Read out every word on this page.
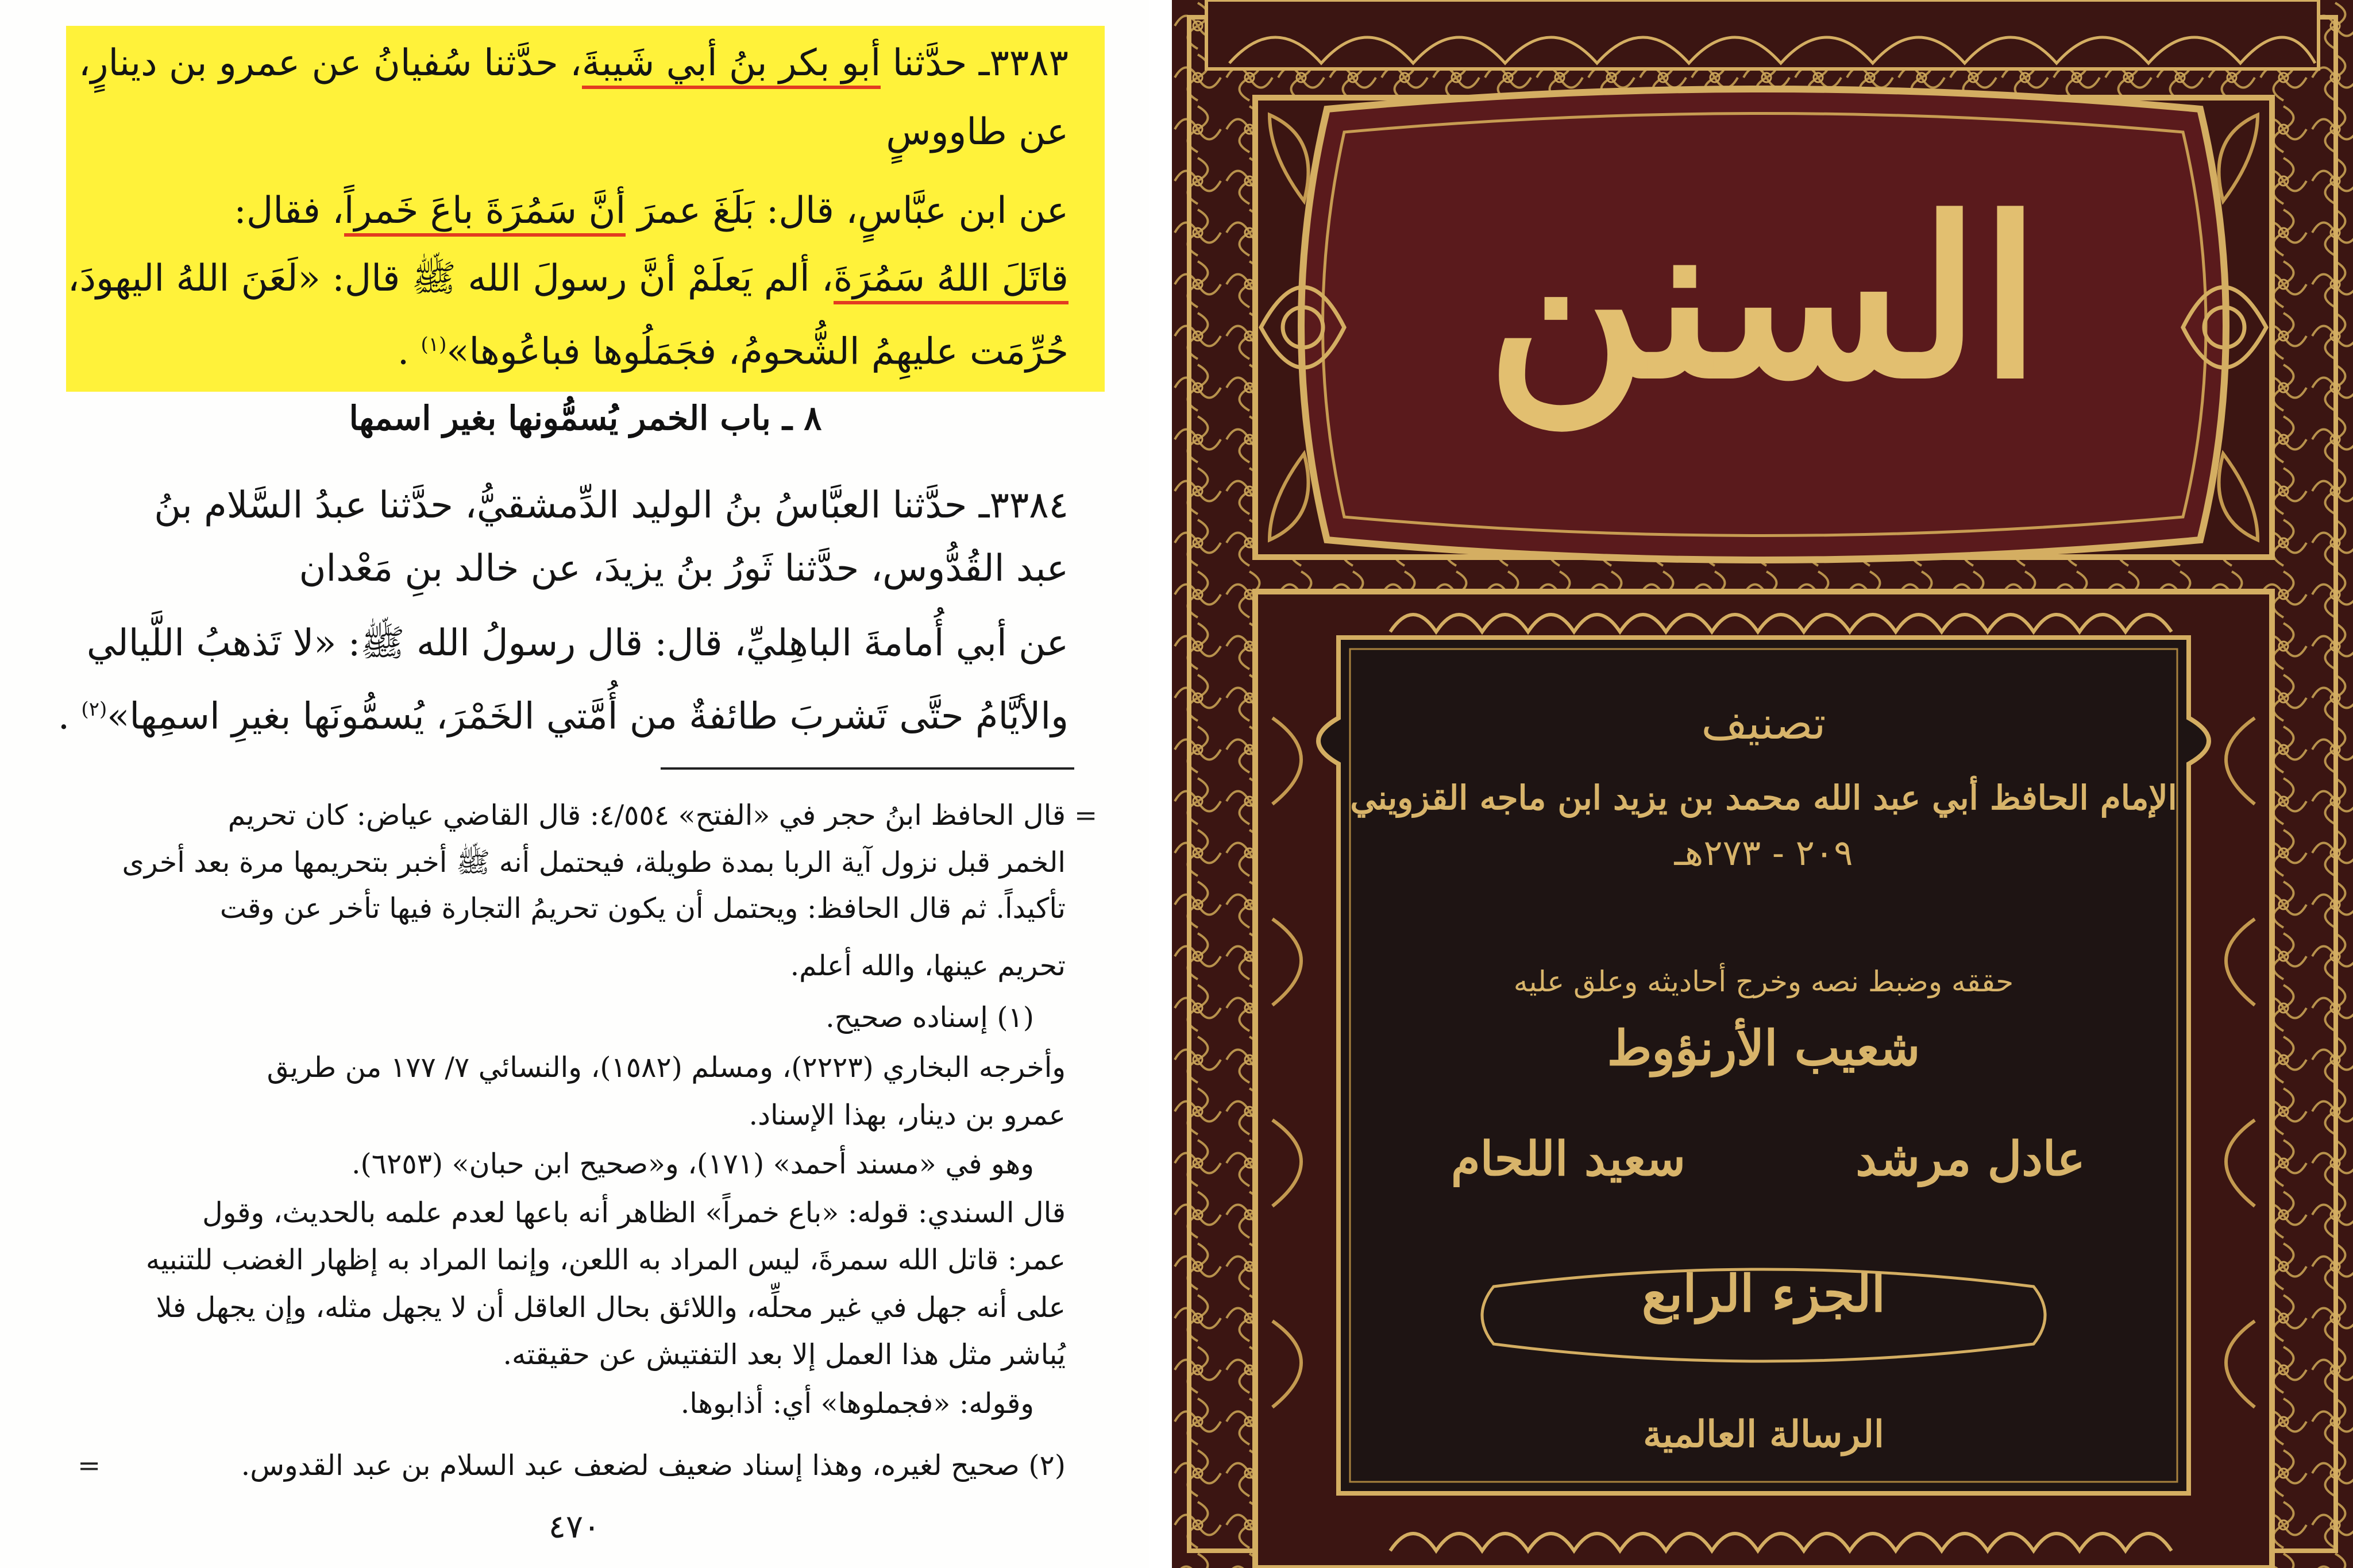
٣٣٨٣ـ حدَّثنا أبو بكر بنُ أبي شَيبةَ، حدَّثنا سُفيانُ عن عمرو بن دينارٍ،
عن طاووسٍ
عن ابن عبَّاسٍ، قال: بَلَغَ عمرَ أنَّ سَمُرَةَ باعَ خَمراً، فقال:
قاتَلَ اللهُ سَمُرَةَ، ألم يَعلَمْ أنَّ رسولَ الله ﷺ قال: «لَعَنَ اللهُ اليهودَ،
حُرِّمَت عليهِمُ الشُّحومُ، فجَمَلُوها فباعُوها»$^{(١)}$ .
٨ ـ باب الخمر يُسمُّونها بغير اسمها
٣٣٨٤ـ حدَّثنا العبَّاسُ بنُ الوليد الدِّمشقيُّ، حدَّثنا عبدُ السَّلام بنُ
عبد القُدُّوس، حدَّثنا ثَورُ بنُ يزيدَ، عن خالد بنِ مَعْدان
عن أبي أُمامةَ الباهِليِّ، قال: قال رسولُ الله ﷺ: «لا تَذهبُ اللَّيالي
والأيَّامُ حتَّى تَشربَ طائفةٌ من أُمَّتي الخَمْرَ، يُسمُّونَها بغيرِ اسمِها»$^{(٢)}$ .
=
قال الحافظ ابنُ حجر في «الفتح» ٤/٥٥٤: قال القاضي عياض: كان تحريم
الخمر قبل نزول آية الربا بمدة طويلة، فيحتمل أنه ﷺ أخبر بتحريمها مرة بعد أخرى
تأكيداً. ثم قال الحافظ: ويحتمل أن يكون تحريمُ التجارة فيها تأخر عن وقت
تحريم عينها، والله أعلم.
(١) إسناده صحيح.
وأخرجه البخاري (٢٢٢٣)، ومسلم (١٥٨٢)، والنسائي ٧/ ١٧٧ من طريق
عمرو بن دينار، بهذا الإسناد.
وهو في «مسند أحمد» (١٧١)، و«صحيح ابن حبان» (٦٢٥٣).
قال السندي: قوله: «باع خمراً» الظاهر أنه باعها لعدم علمه بالحديث، وقول
عمر: قاتل الله سمرةَ، ليس المراد به اللعن، وإنما المراد به إظهار الغضب للتنبيه
على أنه جهل في غير محلِّه، واللائق بحال العاقل أن لا يجهل مثله، وإن يجهل فلا
يُباشر مثل هذا العمل إلا بعد التفتيش عن حقيقته.
وقوله: «فجملوها» أي: أذابوها.
(٢) صحيح لغيره، وهذا إسناد ضعيف لضعف عبد السلام بن عبد القدوس.
=
٤٧٠
السنن
تصنيف
الإمام الحافظ أبي عبد الله محمد بن يزيد ابن ماجه القزويني
٢٠٩ - ٢٧٣هـ
حققه وضبط نصه وخرج أحاديثه وعلق عليه
شعيب الأرنؤوط
عادل مرشد
سعيد اللحام
الجزء الرابع
الرسالة العالمية
